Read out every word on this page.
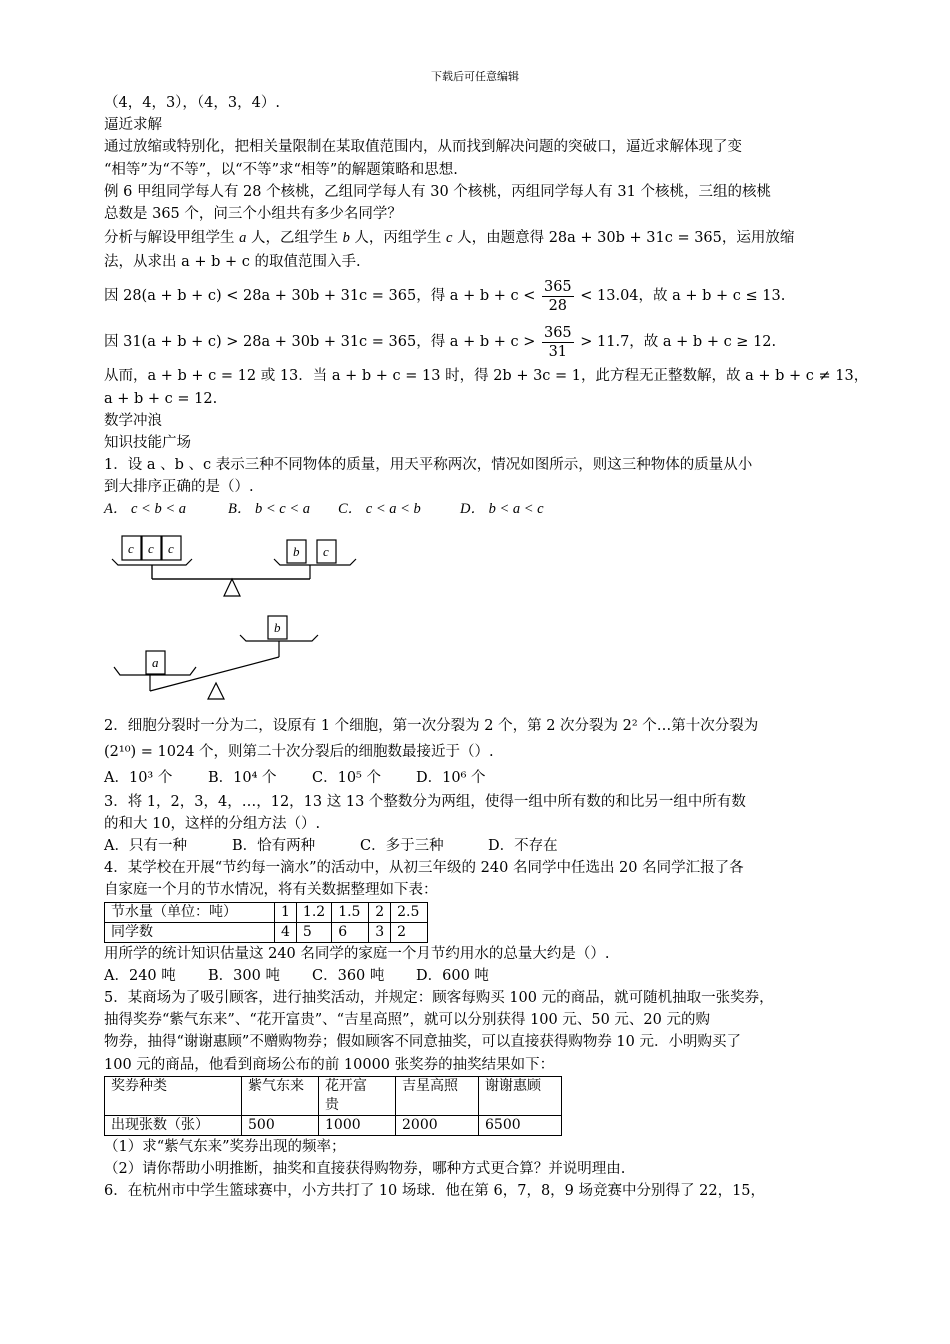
下载后可任意编辑
（4，4，3），（4，3，4）.
逼近求解
通过放缩或特别化，把相关量限制在某取值范围内，从而找到解决问题的突破口，逼近求解体现了变
“相等”为“不等”，以“不等”求“相等”的解题策略和思想.
例 6 甲组同学每人有 28 个核桃，乙组同学每人有 30 个核桃，丙组同学每人有 31 个核桃，三组的核桃
总数是 365 个，问三个小组共有多少名同学？
分析与解设甲组学生 a 人，乙组学生 b 人，丙组学生 c 人，由题意得 28a + 30b + 31c = 365，运用放缩
法，从求出 a + b + c 的取值范围入手.
因 28(a + b + c) < 28a + 30b + 31c = 365，得 $a + b + c < \frac{365}{28} < 13.04$，故 a + b + c ≤ 13.
因 31(a + b + c) > 28a + 30b + 31c = 365，得 $a + b + c > \frac{365}{31} > 11.7$，故 a + b + c ≥ 12.
从而，a + b + c = 12 或 13．当 a + b + c = 13 时，得 2b + 3c = 1，此方程无正整数解，故 a + b + c ≠ 13，
a + b + c = 12.
数学冲浪
知识技能广场
1．设 a 、b 、c 表示三种不同物体的质量，用天平称两次，情况如图所示，则这三种物体的质量从小
到大排序正确的是（）.
A． c < b < a	B． b < c < a C． c < a < b	D． b < a < c
c c c	b c
b
a
2．细胞分裂时一分为二，设原有 1 个细胞，第一次分裂为 2 个，第 2 次分裂为 2² 个…第十次分裂为
(2¹⁰) = 1024 个，则第二十次分裂后的细胞数最接近于（）.
A．10³ 个 B．10⁴ 个 C．10⁵ 个 D．10⁶ 个
3．将 1，2，3，4，…，12，13 这 13 个整数分为两组，使得一组中所有数的和比另一组中所有数
的和大 10，这样的分组方法（）.
A．只有一种	B．恰有两种	C．多于三种	D．不存在
4．某学校在开展“节约每一滴水”的活动中，从初三年级的 240 名同学中任选出 20 名同学汇报了各
自家庭一个月的节水情况，将有关数据整理如下表：
节水量（单位：吨）	1	1.2	1.5	2	2.5
同学数	4	5	6	3	2
用所学的统计知识估量这 240 名同学的家庭一个月节约用水的总量大约是（）.
A．240 吨 B．300 吨 C．360 吨 D．600 吨
5．某商场为了吸引顾客，进行抽奖活动，并规定：顾客每购买 100 元的商品，就可随机抽取一张奖券，
抽得奖券“紫气东来”、“花开富贵”、“吉星高照”，就可以分别获得 100 元、50 元、20 元的购
物券，抽得“谢谢惠顾”不赠购物券；假如顾客不同意抽奖，可以直接获得购物券 10 元．小明购买了
100 元的商品，他看到商场公布的前 10000 张奖券的抽奖结果如下：
奖券种类	紫气东来	花开富
贵	吉星高照	谢谢惠顾
出现张数（张）	500	1000	2000	6500
（1）求“紫气东来”奖券出现的频率；
（2）请你帮助小明推断，抽奖和直接获得购物券，哪种方式更合算？并说明理由.
6．在杭州市中学生篮球赛中，小方共打了 10 场球．他在第 6，7，8，9 场竞赛中分别得了 22，15，
